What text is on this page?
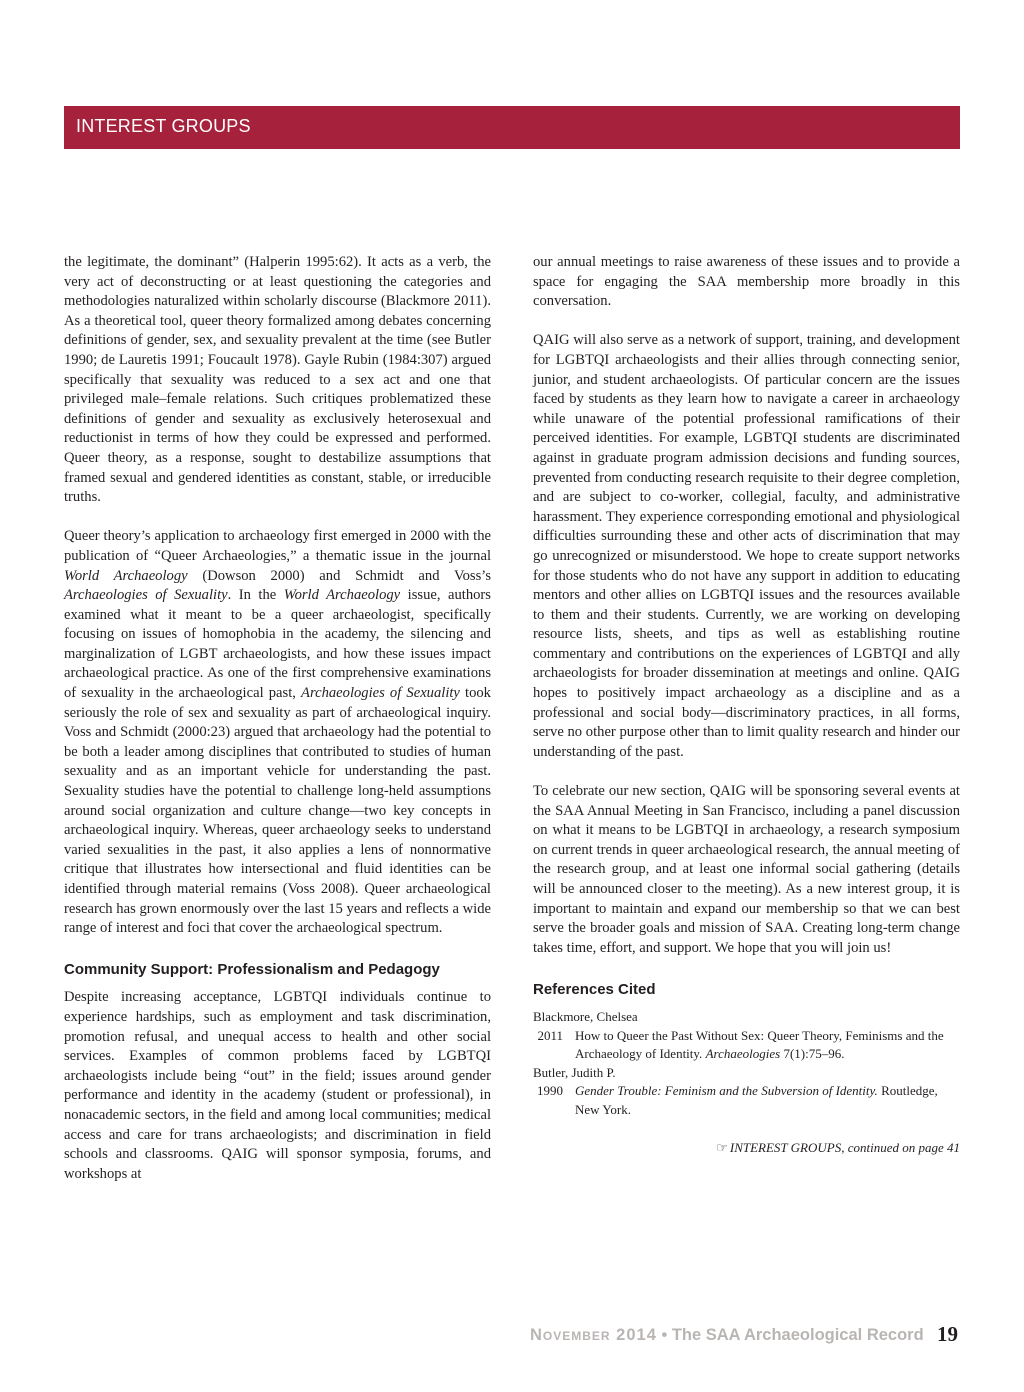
INTEREST GROUPS

the legitimate, the dominant” (Halperin 1995:62). It acts as a verb, the very act of deconstructing or at least questioning the categories and methodologies naturalized within scholarly discourse (Blackmore 2011). As a theoretical tool, queer theory formalized among debates concerning definitions of gender, sex, and sexuality prevalent at the time (see Butler 1990; de Lauretis 1991; Foucault 1978). Gayle Rubin (1984:307) argued specifically that sexuality was reduced to a sex act and one that privileged male–female relations. Such critiques problematized these definitions of gender and sexuality as exclusively heterosexual and reductionist in terms of how they could be expressed and performed. Queer theory, as a response, sought to destabilize assumptions that framed sexual and gendered identities as constant, stable, or irreducible truths.

Queer theory’s application to archaeology first emerged in 2000 with the publication of “Queer Archaeologies,” a thematic issue in the journal World Archaeology (Dowson 2000) and Schmidt and Voss’s Archaeologies of Sexuality. In the World Archaeology issue, authors examined what it meant to be a queer archaeologist, specifically focusing on issues of homophobia in the academy, the silencing and marginalization of LGBT archaeologists, and how these issues impact archaeological practice. As one of the first comprehensive examinations of sexuality in the archaeological past, Archaeologies of Sexuality took seriously the role of sex and sexuality as part of archaeological inquiry. Voss and Schmidt (2000:23) argued that archaeology had the potential to be both a leader among disciplines that contributed to studies of human sexuality and as an important vehicle for understanding the past. Sexuality studies have the potential to challenge long-held assumptions around social organization and culture change—two key concepts in archaeological inquiry. Whereas, queer archaeology seeks to understand varied sexualities in the past, it also applies a lens of nonnormative critique that illustrates how intersectional and fluid identities can be identified through material remains (Voss 2008). Queer archaeological research has grown enormously over the last 15 years and reflects a wide range of interest and foci that cover the archaeological spectrum.

Community Support: Professionalism and Pedagogy

Despite increasing acceptance, LGBTQI individuals continue to experience hardships, such as employment and task discrimination, promotion refusal, and unequal access to health and other social services. Examples of common problems faced by LGBTQI archaeologists include being “out” in the field; issues around gender performance and identity in the academy (student or professional), in nonacademic sectors, in the field and among local communities; medical access and care for trans archaeologists; and discrimination in field schools and classrooms. QAIG will sponsor symposia, forums, and workshops at

our annual meetings to raise awareness of these issues and to provide a space for engaging the SAA membership more broadly in this conversation.

QAIG will also serve as a network of support, training, and development for LGBTQI archaeologists and their allies through connecting senior, junior, and student archaeologists. Of particular concern are the issues faced by students as they learn how to navigate a career in archaeology while unaware of the potential professional ramifications of their perceived identities. For example, LGBTQI students are discriminated against in graduate program admission decisions and funding sources, prevented from conducting research requisite to their degree completion, and are subject to co-worker, collegial, faculty, and administrative harassment. They experience corresponding emotional and physiological difficulties surrounding these and other acts of discrimination that may go unrecognized or misunderstood. We hope to create support networks for those students who do not have any support in addition to educating mentors and other allies on LGBTQI issues and the resources available to them and their students. Currently, we are working on developing resource lists, sheets, and tips as well as establishing routine commentary and contributions on the experiences of LGBTQI and ally archaeologists for broader dissemination at meetings and online. QAIG hopes to positively impact archaeology as a discipline and as a professional and social body—discriminatory practices, in all forms, serve no other purpose other than to limit quality research and hinder our understanding of the past.

To celebrate our new section, QAIG will be sponsoring several events at the SAA Annual Meeting in San Francisco, including a panel discussion on what it means to be LGBTQI in archaeology, a research symposium on current trends in queer archaeological research, the annual meeting of the research group, and at least one informal social gathering (details will be announced closer to the meeting). As a new interest group, it is important to maintain and expand our membership so that we can best serve the broader goals and mission of SAA. Creating long-term change takes time, effort, and support. We hope that you will join us!

References Cited
Blackmore, Chelsea
2011 How to Queer the Past Without Sex: Queer Theory, Feminisms and the Archaeology of Identity. Archaeologies 7(1):75–96.
Butler, Judith P.
1990 Gender Trouble: Feminism and the Subversion of Identity. Routledge, New York.
☞ INTEREST GROUPS, continued on page 41
November 2014 • The SAA Archaeological Record 19
